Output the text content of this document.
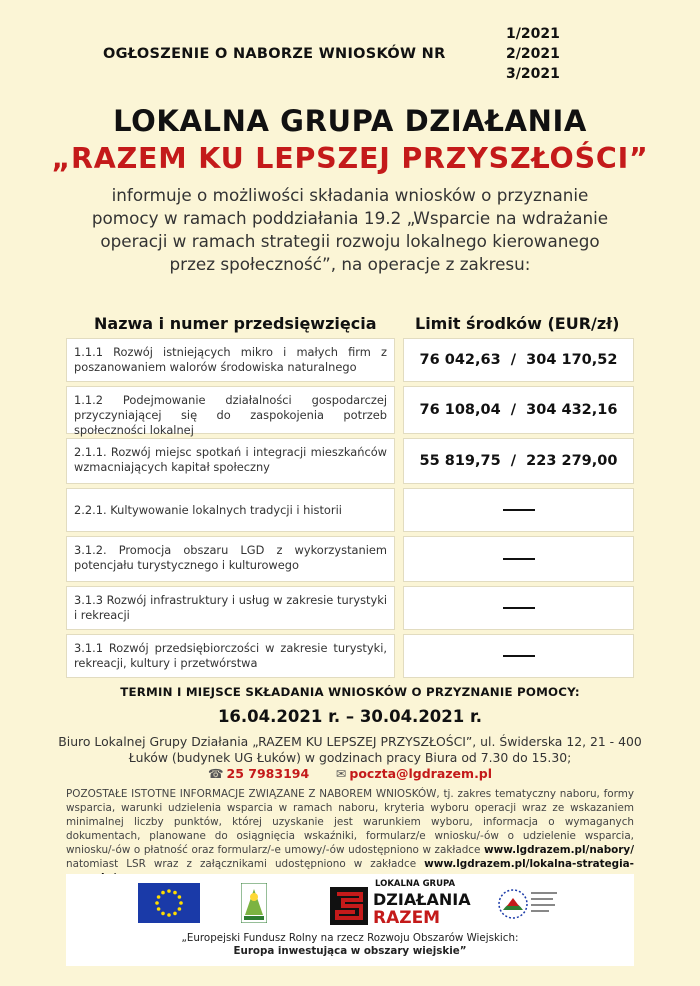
OGŁOSZENIE O NABORZE WNIOSKÓW NR
1/2021
2/2021
3/2021
LOKALNA GRUPA DZIAŁANIA
„RAZEM KU LEPSZEJ PRZYSZŁOŚCI”
informuje o możliwości składania wniosków o przyznanie
pomocy w ramach poddziałania 19.2 „Wsparcie na wdrażanie
operacji w ramach strategii rozwoju lokalnego kierowanego
przez społeczność”, na operacje z zakresu:
Nazwa i numer przedsięwzięcia Limit środków (EUR/zł)
1.1.1 Rozwój istniejących mikro i małych firm z poszanowaniem walorów środowiska naturalnego	76 042,63  /  304 170,52
1.1.2 Podejmowanie działalności gospodarczej przyczyniającej się do zaspokojenia potrzeb społeczności lokalnej
76 108,04  /  304 432,16
2.1.1. Rozwój miejsc spotkań i integracji mieszkańców wzmacniających kapitał społeczny	55 819,75  /  223 279,00
2.2.1. Kultywowanie lokalnych tradycji i historii
3.1.2. Promocja obszaru LGD z wykorzystaniem potencjału turystycznego i kulturowego
3.1.3 Rozwój infrastruktury i usług w zakresie turystyki i rekreacji
3.1.1 Rozwój przedsiębiorczości w zakresie turystyki, rekreacji, kultury i przetwórstwa
TERMIN I MIEJSCE SKŁADANIA WNIOSKÓW O PRZYZNANIE POMOCY:
16.04.2021 r. – 30.04.2021 r.
Biuro Lokalnej Grupy Działania „RAZEM KU LEPSZEJ PRZYSZŁOŚCI”, ul. Świderska 12, 21 - 400
Łuków (budynek UG Łuków) w godzinach pracy Biura od 7.30 do 15.30;
☎ 25 7983194 ✉ poczta@lgdrazem.pl
POZOSTAŁE ISTOTNE INFORMACJE ZWIĄZANE Z NABOREM WNIOSKÓW, tj. zakres tematyczny naboru, formy wsparcia, warunki udzielenia wsparcia w ramach naboru, kryteria wyboru operacji wraz ze wskazaniem minimalnej liczby punktów, której uzyskanie jest warunkiem wyboru, informacja o wymaganych dokumentach, planowane do osiągnięcia wskaźniki, formularz/e wniosku/-ów o udzielenie wsparcia, wniosku/-ów o płatność oraz formularz/-e umowy/-ów udostępniono w zakładce www.lgdrazem.pl/nabory/ natomiast LSR wraz z załącznikami udostępniono w zakładce www.lgdrazem.pl/lokalna-strategia-
LOKALNA GRUPA
DZIAŁANIA
RAZEM
„Europejski Fundusz Rolny na rzecz Rozwoju Obszarów Wiejskich:
Europa inwestująca w obszary wiejskie”
